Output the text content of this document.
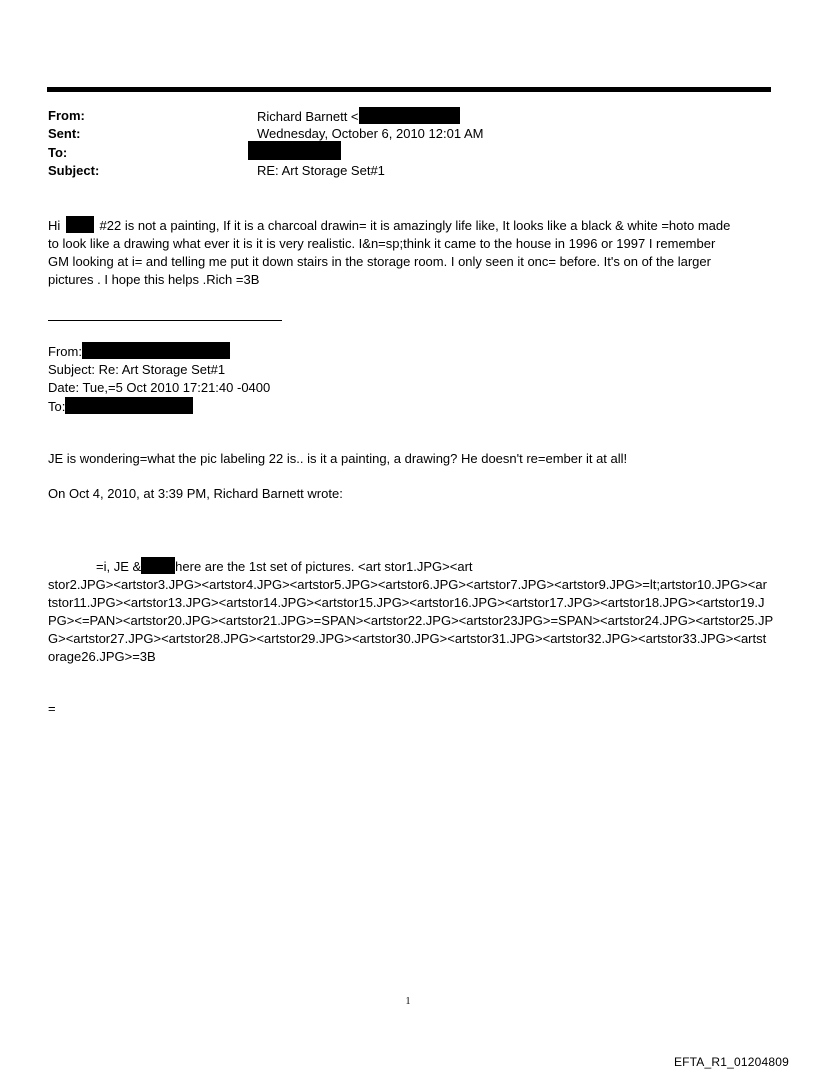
From:
Sent:
To:
Subject:
Richard Barnett <
Wednesday, October 6, 2010 12:01 AM
RE: Art Storage Set#1
Hi	#22 is not a painting, If it is a charcoal drawin= it is amazingly life like, It looks like a black & white =hoto made
to look like a drawing what ever it is it is very realistic. I&n=sp;think it came to the house in 1996 or 1997 I remember
GM looking at i= and telling me put it down stairs in the storage room. I only seen it onc= before. It's on of the larger
pictures . I hope this helps .Rich =3B
From:
Subject: Re: Art Storage Set#1
Date: Tue,=5 Oct 2010 17:21:40 -0400
To:
JE is wondering=what the pic labeling 22 is.. is it a painting, a drawing? He doesn't re=ember it at all!
On Oct 4, 2010, at 3:39 PM, Richard Barnett wrote:
=i, JE &	here are the 1st set of pictures. <art stor1.JPG><art
stor2.JPG><artstor3.JPG><artstor4.JPG><artstor5.JPG><artstor6.JPG><artstor7.JPG><artstor9.JPG>=lt;artstor10.JPG><ar
tstor11.JPG><artstor13.JPG><artstor14.JPG><artstor15.JPG><artstor16.JPG><artstor17.JPG><artstor18.JPG><artstor19.J
PG><=PAN><artstor20.JPG><artstor21.JPG>=SPAN><artstor22.JPG><artstor23JPG>=SPAN><artstor24.JPG><artstor25.JP
G><artstor27.JPG><artstor28.JPG><artstor29.JPG><artstor30.JPG><artstor31.JPG><artstor32.JPG><artstor33.JPG><artst
orage26.JPG>=3B
=
1
EFTA_R1_01204809
